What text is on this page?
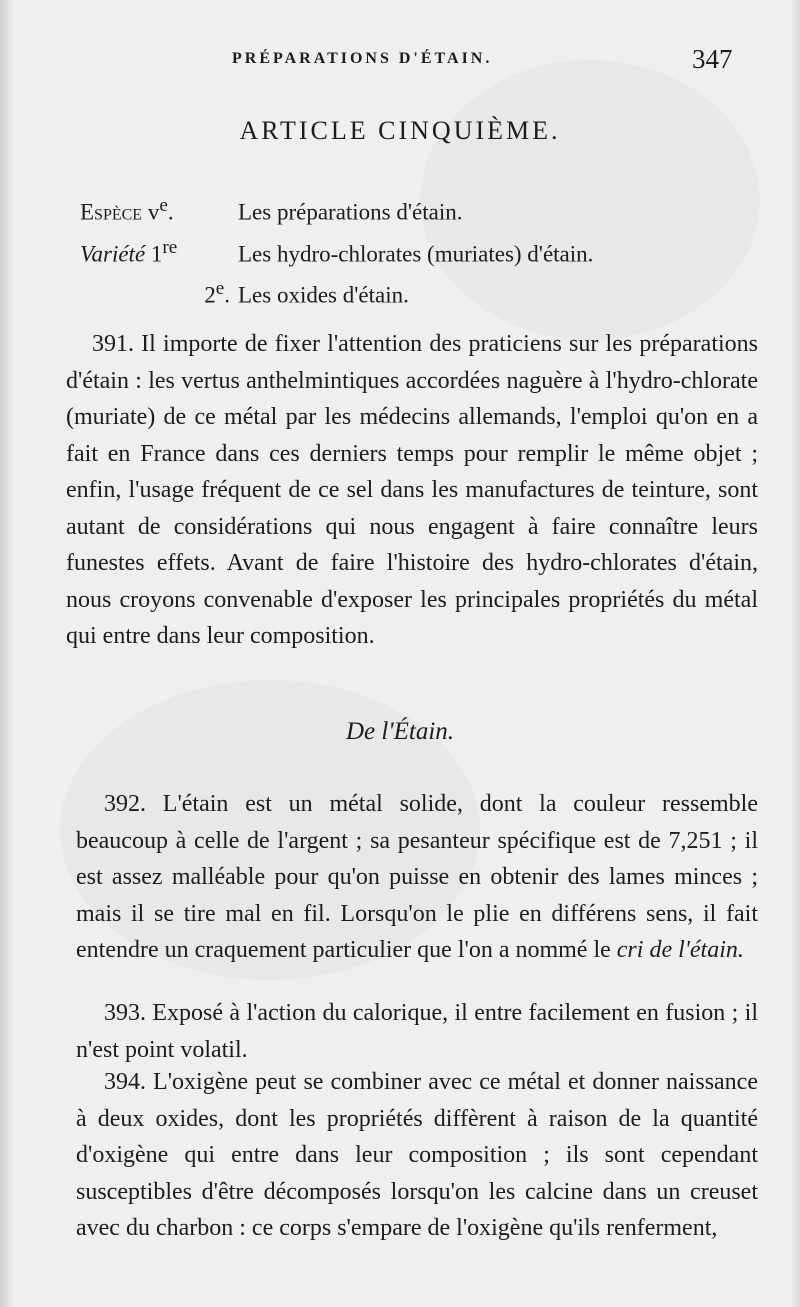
PRÉPARATIONS D'ÉTAIN.	347
ARTICLE CINQUIÈME.
Espèce $v^e$.	Les préparations d'étain.
Variété 1re	Les hydro-chlorates (muriates) d'étain.
2e. Les oxides d'étain.
391. Il importe de fixer l'attention des praticiens sur les préparations d'étain : les vertus anthelmintiques accordées naguère à l'hydro-chlorate (muriate) de ce métal par les médecins allemands, l'emploi qu'on en a fait en France dans ces derniers temps pour remplir le même objet ; enfin, l'usage fréquent de ce sel dans les manufactures de teinture, sont autant de considérations qui nous engagent à faire connaître leurs funestes effets. Avant de faire l'histoire des hydro-chlorates d'étain, nous croyons convenable d'exposer les principales propriétés du métal qui entre dans leur composition.
De l'Étain.
392. L'étain est un métal solide, dont la couleur ressemble beaucoup à celle de l'argent ; sa pesanteur spécifique est de 7,251 ; il est assez malléable pour qu'on puisse en obtenir des lames minces ; mais il se tire mal en fil. Lorsqu'on le plie en différens sens, il fait entendre un craquement particulier que l'on a nommé le cri de l'étain.
393. Exposé à l'action du calorique, il entre facilement en fusion ; il n'est point volatil.
394. L'oxigène peut se combiner avec ce métal et donner naissance à deux oxides, dont les propriétés diffèrent à raison de la quantité d'oxigène qui entre dans leur composition ; ils sont cependant susceptibles d'être décomposés lorsqu'on les calcine dans un creuset avec du charbon : ce corps s'empare de l'oxigène qu'ils renferment,
